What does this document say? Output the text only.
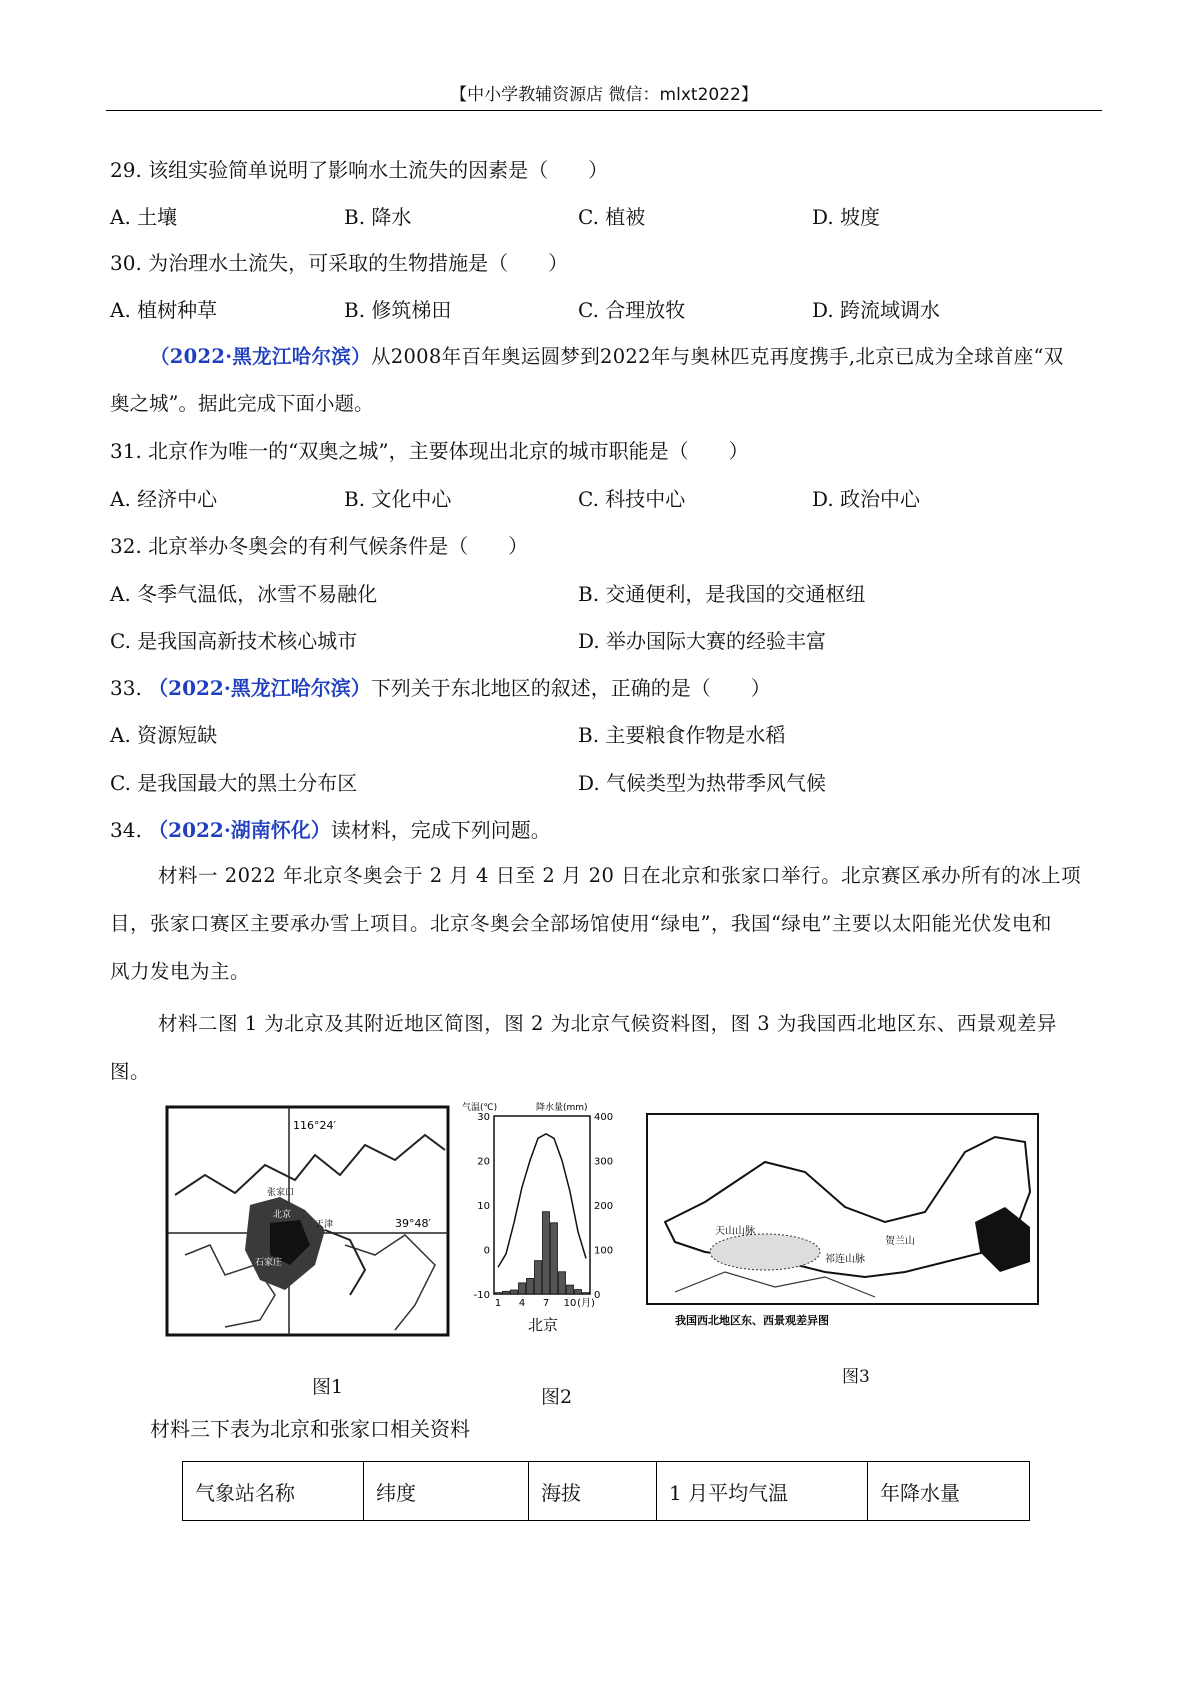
【中小学教辅资源店 微信：mlxt2022】
29. 该组实验简单说明了影响水土流失的因素是（　　）
A. 土壤	B. 降水	C. 植被	D. 坡度
30. 为治理水土流失，可采取的生物措施是（　　）
A. 植树种草	B. 修筑梯田	C. 合理放牧	D. 跨流域调水
（2022·黑龙江哈尔滨）从2008年百年奥运圆梦到2022年与奥林匹克再度携手,北京已成为全球首座“双
奥之城”。据此完成下面小题。
31. 北京作为唯一的“双奥之城”，主要体现出北京的城市职能是（　　）
A. 经济中心	B. 文化中心	C. 科技中心	D. 政治中心
32. 北京举办冬奥会的有利气候条件是（　　）
A. 冬季气温低，冰雪不易融化	B. 交通便利，是我国的交通枢纽
C. 是我国高新技术核心城市	D. 举办国际大赛的经验丰富
33. （2022·黑龙江哈尔滨）下列关于东北地区的叙述，正确的是（　　）
A. 资源短缺	B. 主要粮食作物是水稻
C. 是我国最大的黑土分布区	D. 气候类型为热带季风气候
34. （2022·湖南怀化）读材料，完成下列问题。
材料一 2022 年北京冬奥会于 2 月 4 日至 2 月 20 日在北京和张家口举行。北京赛区承办所有的冰上项
目，张家口赛区主要承办雪上项目。北京冬奥会全部场馆使用“绿电”，我国“绿电”主要以太阳能光伏发电和
风力发电为主。
材料二图 1 为北京及其附近地区简图，图 2 为北京气候资料图，图 3 为我国西北地区东、西景观差异
图。
116°24′
39°48′
张家口
北京
天津
石家庄
图1
气温(℃)	降水量(mm)
30
20
10
0
-10
400
300
200
100
0
1 4 7 10 (月)
北京
图2
天山山脉
贺兰山
祁连山脉
我国西北地区东、西景观差异图
图3
材料三下表为北京和张家口相关资料
气象站名称	纬度	海拔	1 月平均气温	年降水量
